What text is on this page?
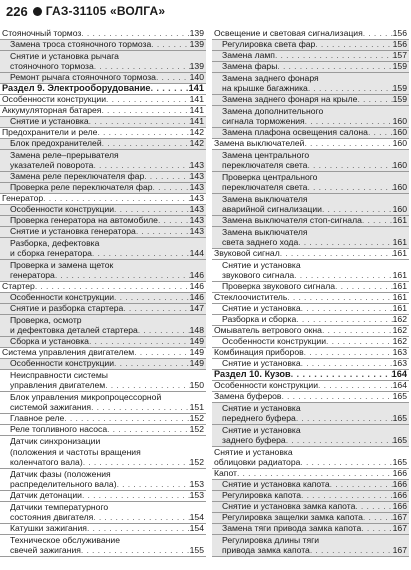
226 ГАЗ-31105 «ВОЛГА»
Стояночный тормоз . . .	139
Замена троса стояночного тормоза . . .	139
Снятие и установка рычага
стояночного тормоза . . .	139
Ремонт рычага стояночного тормоза . . .	140
Раздел 9. Электрооборудование . . .	141
Особенности конструкции . . .	141
Аккумуляторная батарея . . .	141
Снятие и установка . . .	141
Предохранители и реле . . .	142
Блок предохранителей . . .	142
Замена реле–прерывателя
указателей поворота . . .	143
Замена реле переключателя фар . . .	143
Проверка реле переключателя фар . . .	143
Генератор . . .	143
Особенности конструкции . . .	143
Проверка генератора на автомобиле . . .	143
Снятие и установка генератора . . .	143
Разборка, дефектовка
и сборка генератора . . .	144
Проверка и замена щеток
генератора . . .	146
Стартер . . .	146
Особенности конструкции . . .	146
Снятие и разборка стартера . . .	147
Проверка, осмотр
и дефектовка деталей стартера . . .	148
Сборка и установка . . .	149
Система управления двигателем . . .	149
Особенности конструкции . . .	149
Неисправности системы
управления двигателем . . .	150
Блок управления микропроцессорной
системой зажигания . . .	151
Главное реле . . .	152
Реле топливного насоса . . .	152
Датчик синхронизации
(положения и частоты вращения
коленчатого вала) . . .	152
Датчик фазы (положения
распределительного вала) . . .	153
Датчик детонации . . .	153
Датчики температурного
состояния двигателя . . .	154
Катушки зажигания . . .	154
Техническое обслуживание
свечей зажигания . . .	155
Освещение и световая сигнализация . . .	156
Регулировка света фар . . .	156
Замена ламп . . .	157
Замена фары . . .	159
Замена заднего фонаря
на крышке багажника . . .	159
Замена заднего фонаря на крыле . . .	159
Замена дополнительного
сигнала торможения . . .	160
Замена плафона освещения салона . . .	160
Замена выключателей . . .	160
Замена центрального
переключателя света . . .	160
Проверка центрального
переключателя света . . .	160
Замена выключателя
аварийной сигнализации . . .	160
Замена выключателя стоп-сигнала . . .	161
Замена выключателя
света заднего хода . . .	161
Звуковой сигнал . . .	161
Снятие и установка
звукового сигнала . . .	161
Проверка звукового сигнала . . .	161
Стеклоочиститель . . .	161
Снятие и установка . . .	161
Разборка и сборка . . .	162
Омыватель ветрового окна . . .	162
Особенности конструкции . . .	162
Комбинация приборов . . .	163
Снятие и установка . . .	163
Раздел 10. Кузов . . .	164
Особенности конструкции . . .	164
Замена буферов . . .	165
Снятие и установка
переднего буфера . . .	165
Снятие и установка
заднего буфера . . .	165
Снятие и установка
облицовки радиатора . . .	165
Капот . . .	166
Снятие и установка капота . . .	166
Регулировка капота . . .	166
Снятие и установка замка капота . . .	166
Регулировка защелки замка капота . . .	167
Замена тяги привода замка капота . . .	167
Регулировка длины тяги
привода замка капота . . .	167
